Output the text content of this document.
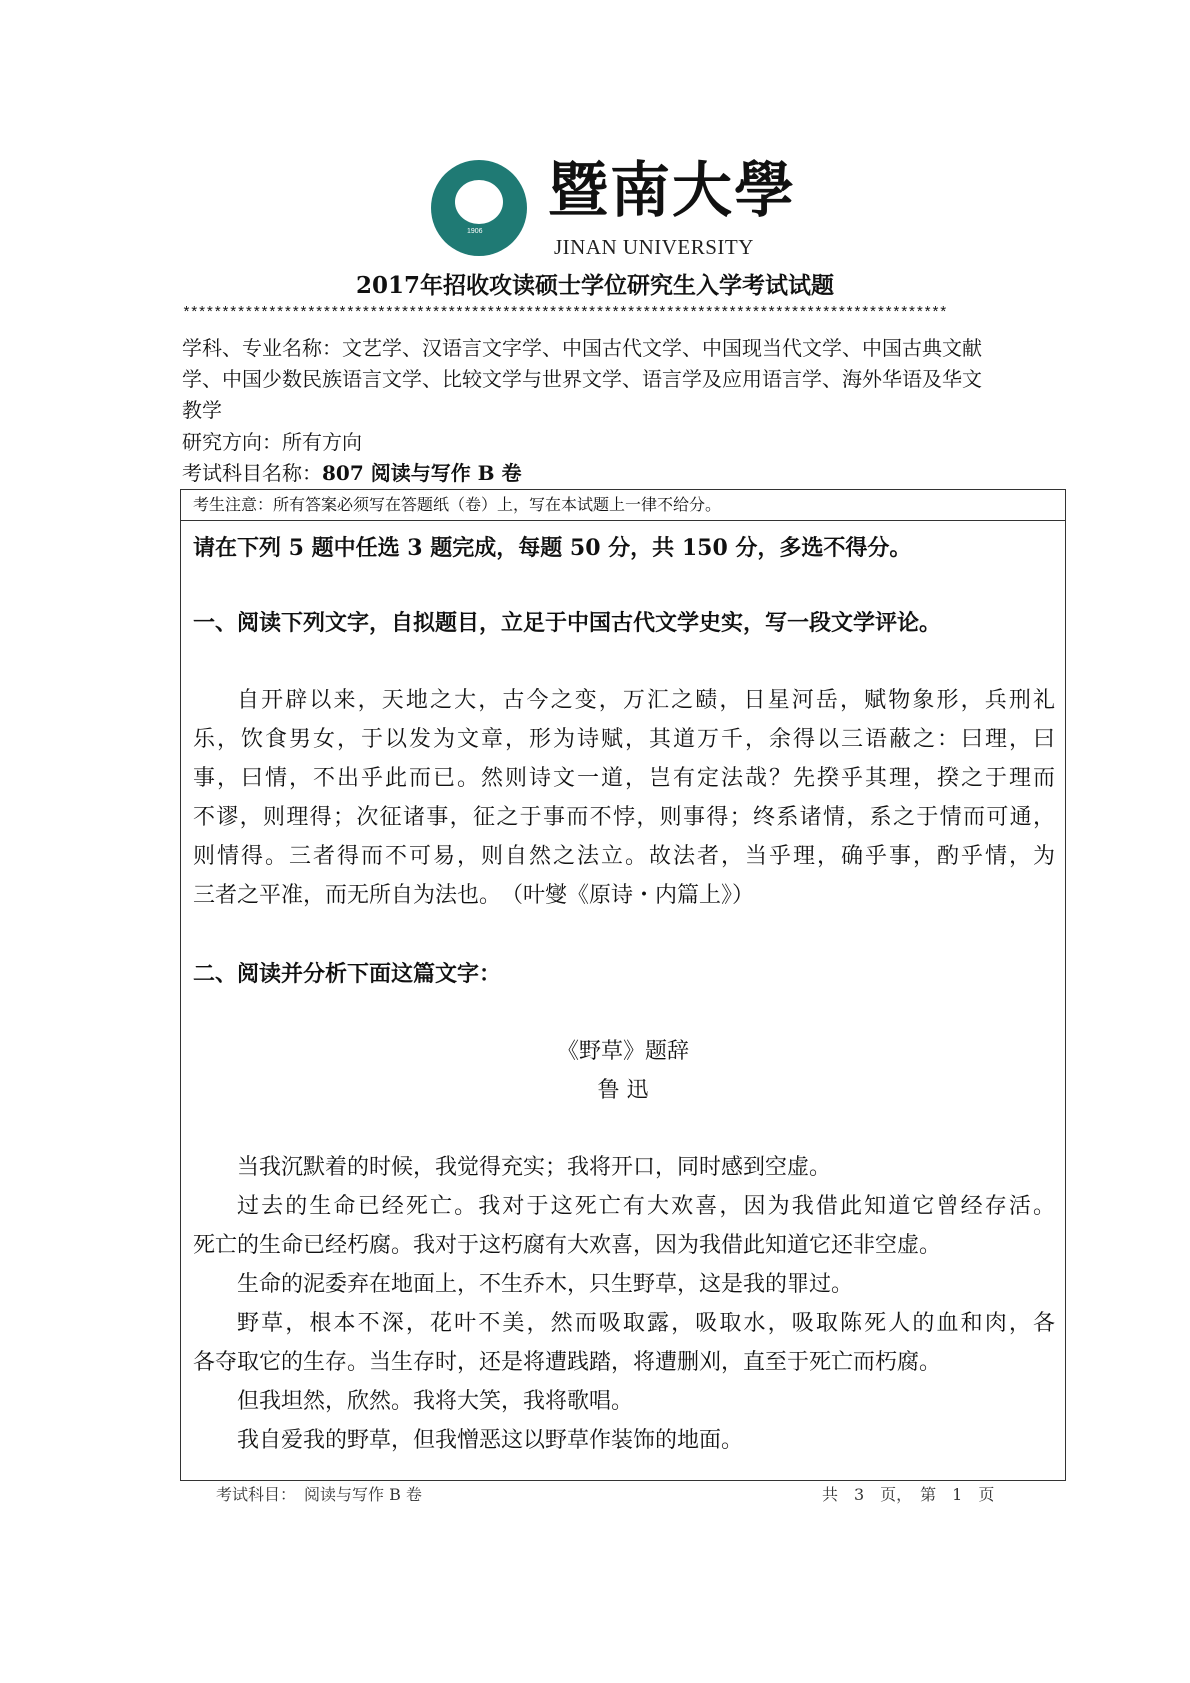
1906
暨南大學
JINAN UNIVERSITY
2017年招收攻读硕士学位研究生入学考试试题
**************************************************************************************************
学科、专业名称：文艺学、汉语言文字学、中国古代文学、中国现当代文学、中国古典文献
学、中国少数民族语言文学、比较文学与世界文学、语言学及应用语言学、海外华语及华文
教学
研究方向：所有方向
考试科目名称：807 阅读与写作 B 卷
考生注意：所有答案必须写在答题纸（卷）上，写在本试题上一律不给分。
请在下列 5 题中任选 3 题完成，每题 50 分，共 150 分，多选不得分。
一、阅读下列文字，自拟题目，立足于中国古代文学史实，写一段文学评论。
自开辟以来，天地之大，古今之变，万汇之赜，日星河岳，赋物象形，兵刑礼
乐，饮食男女，于以发为文章，形为诗赋，其道万千，余得以三语蔽之：曰理，曰
事，曰情，不出乎此而已。然则诗文一道，岂有定法哉？先揆乎其理，揆之于理而
不谬，则理得；次征诸事，征之于事而不悖，则事得；终系诸情，系之于情而可通，
则情得。三者得而不可易，则自然之法立。故法者，当乎理，确乎事，酌乎情，为
三者之平准，而无所自为法也。　（叶燮《原诗・内篇上》）
二、阅读并分析下面这篇文字：
《野草》题辞
鲁 迅
当我沉默着的时候，我觉得充实；我将开口，同时感到空虚。
过去的生命已经死亡。我对于这死亡有大欢喜，因为我借此知道它曾经存活。
死亡的生命已经朽腐。我对于这朽腐有大欢喜，因为我借此知道它还非空虚。
生命的泥委弃在地面上，不生乔木，只生野草，这是我的罪过。
野草，根本不深，花叶不美，然而吸取露，吸取水，吸取陈死人的血和肉，各
各夺取它的生存。当生存时，还是将遭践踏，将遭删刈，直至于死亡而朽腐。
但我坦然，欣然。我将大笑，我将歌唱。
我自爱我的野草，但我憎恶这以野草作装饰的地面。
考试科目：　阅读与写作 B 卷	共　3　页，　第　1　页
